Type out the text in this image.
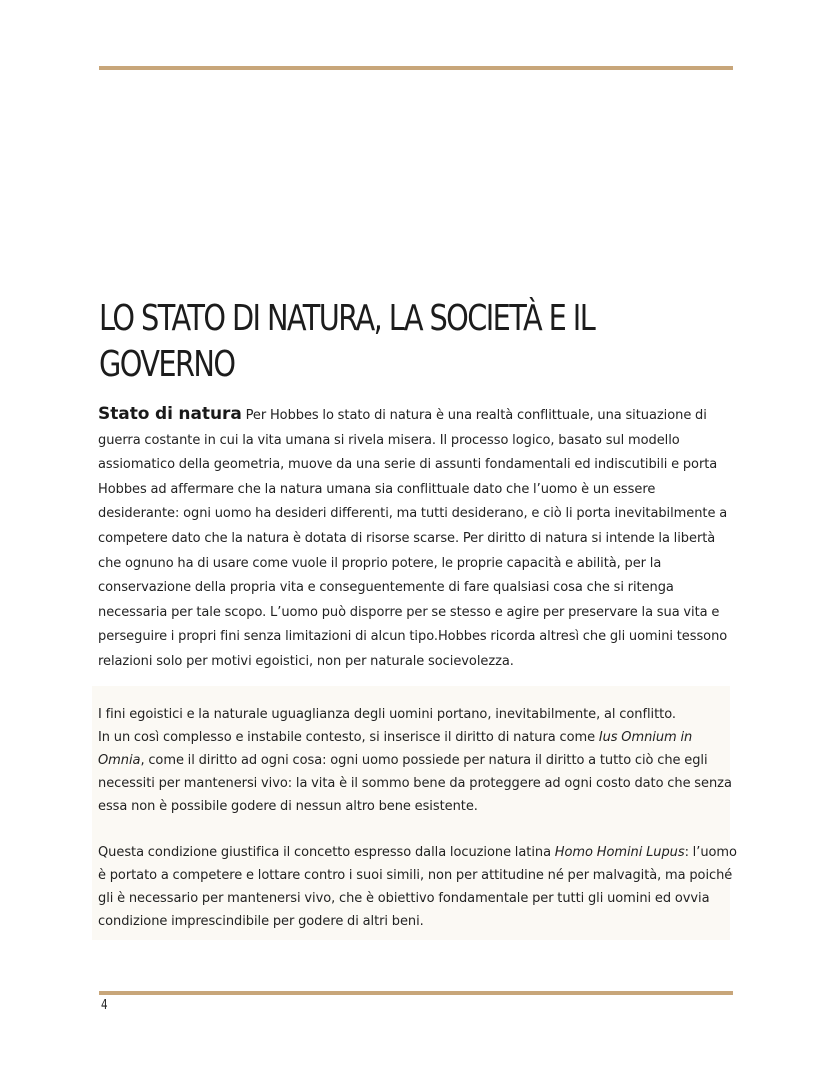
LO STATO DI NATURA, LA SOCIETÀ E IL
GOVERNO

Stato di natura Per Hobbes lo stato di natura è una realtà conflittuale, una situazione di guerra costante in cui la vita umana si rivela misera. Il processo logico, basato sul modello assiomatico della geometria, muove da una serie di assunti fondamentali ed indiscutibili e porta Hobbes ad affermare che la natura umana sia conflittuale dato che l’uomo è un essere desiderante: ogni uomo ha desideri differenti, ma tutti desiderano, e ciò li porta inevitabilmente a competere dato che la natura è dotata di risorse scarse. Per diritto di natura si intende la libertà che ognuno ha di usare come vuole il proprio potere, le proprie capacità e abilità, per la conservazione della propria vita e conseguentemente di fare qualsiasi cosa che si ritenga necessaria per tale scopo. L’uomo può disporre per se stesso e agire per preservare la sua vita e perseguire i propri fini senza limitazioni di alcun tipo.Hobbes ricorda altresì che gli uomini tessono relazioni solo per motivi egoistici, non per naturale socievolezza.

I fini egoistici e la naturale uguaglianza degli uomini portano, inevitabilmente, al conflitto.
In un così complesso e instabile contesto, si inserisce il diritto di natura come Ius Omnium in Omnia, come il diritto ad ogni cosa: ogni uomo possiede per natura il diritto a tutto ciò che egli necessiti per mantenersi vivo: la vita è il sommo bene da proteggere ad ogni costo dato che senza essa non è possibile godere di nessun altro bene esistente.

Questa condizione giustifica il concetto espresso dalla locuzione latina Homo Homini Lupus: l’uomo è portato a competere e lottare contro i suoi simili, non per attitudine né per malvagità, ma poiché gli è necessario per mantenersi vivo, che è obiettivo fondamentale per tutti gli uomini ed ovvia condizione imprescindibile per godere di altri beni.

4
